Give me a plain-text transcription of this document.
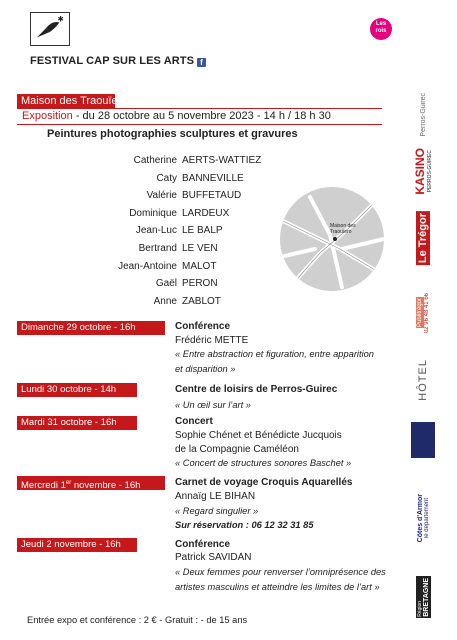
✱
Les rois
FESTIVAL CAP SUR LES ARTS f
Maison des Traouïero
Exposition - du 28 octobre au 5 novembre 2023 - 14 h / 18 h 30
Peintures photographies sculptures et gravures
Catherine AERTS-WATTIEZ
Caty BANNEVILLE
Valérie BUFFETAUD
Dominique LARDEUX
Jean-Luc LE BALP
Bertrand LE VEN
Jean-Antoine MALOT
Gaël PERON
Anne ZABLOT
Maison des
Traouïero
Dimanche 29 octobre - 16h	Conférence
Frédéric METTE
« Entre abstraction et figuration, entre apparition
et disparition »
Lundi 30 octobre - 14h	Centre de loisirs de Perros-Guirec
« Un œil sur l’art »
Mardi 31 octobre - 16h	Concert
Sophie Chénet et Bénédicte Jucquois
de la Compagnie Caméléon
« Concert de structures sonores Baschet »
Mercredi 1er novembre - 16h	Carnet de voyage Croquis Aquarellés
Annaïg LE BIHAN
« Regard singulier »
Sur réservation : 06 12 32 31 85
Jeudi 2 novembre - 16h	Conférence
Patrick SAVIDAN
« Deux femmes pour renverser l’omniprésence des
artistes masculins et atteindre les limites de l’art »
Entrée expo et conférence : 2 € - Gratuit : - de 15 ans
Perros-Guirec
KASINO PERROS-GUIREC
Le Trégor
Publitrégor 02 96 48 41 66
HÔTEL
Côtes d'Armor le département
Région BRETAGNE
